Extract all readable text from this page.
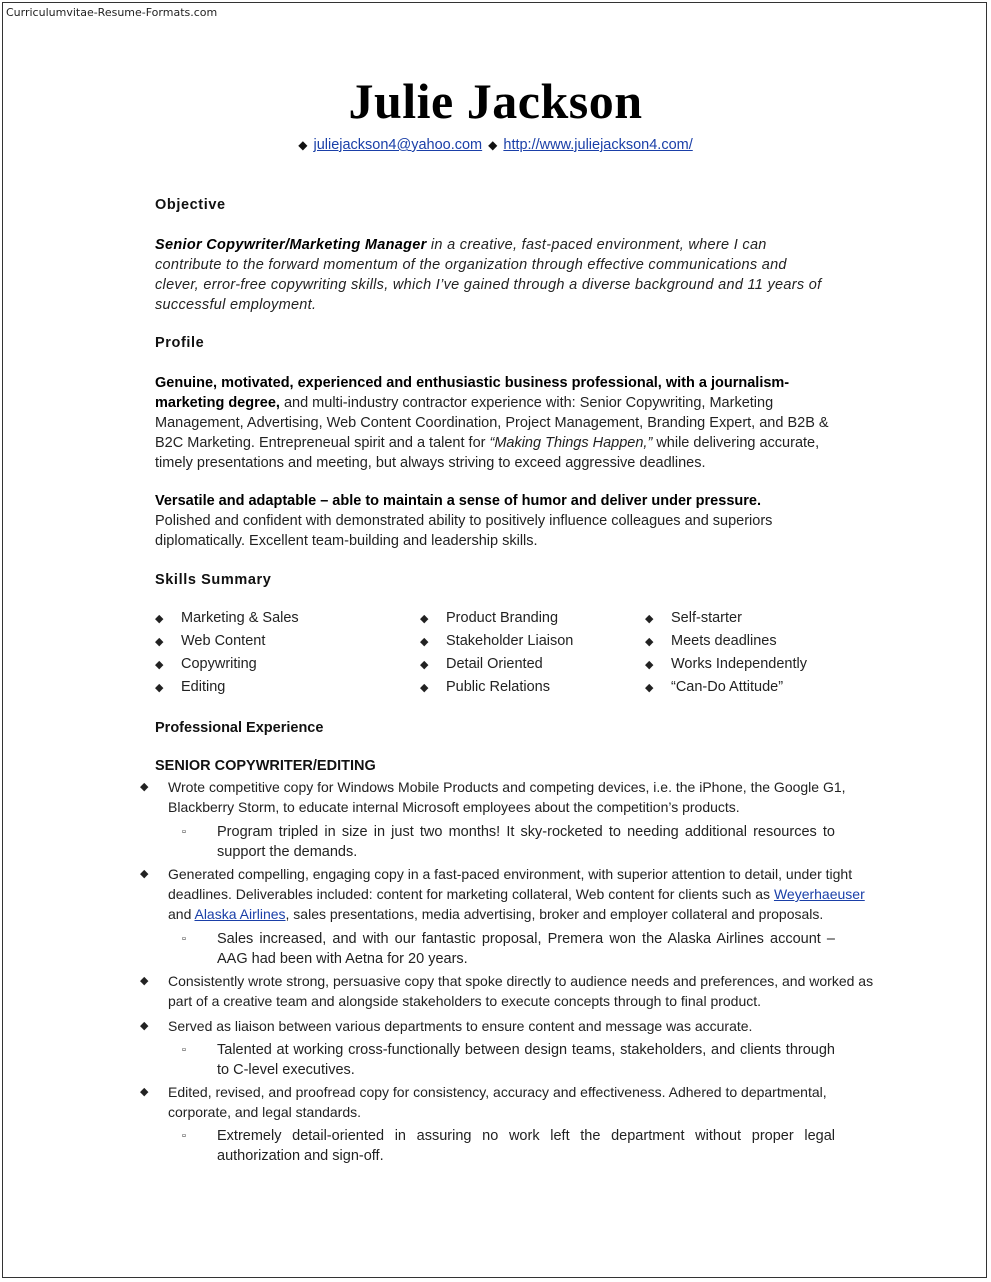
Curriculumvitae-Resume-Formats.com
Julie Jackson
◆ juliejackson4@yahoo.com ◆ http://www.juliejackson4.com/
Objective
Senior Copywriter/Marketing Manager in a creative, fast-paced environment, where I can contribute to the forward momentum of the organization through effective communications and clever, error-free copywriting skills, which I’ve gained through a diverse background and 11 years of successful employment.
Profile
Genuine, motivated, experienced and enthusiastic business professional, with a journalism-marketing degree, and multi-industry contractor experience with: Senior Copywriting, Marketing Management, Advertising, Web Content Coordination, Project Management, Branding Expert, and B2B & B2C Marketing. Entrepreneual spirit and a talent for “Making Things Happen,” while delivering accurate, timely presentations and meeting, but always striving to exceed aggressive deadlines.
Versatile and adaptable – able to maintain a sense of humor and deliver under pressure. Polished and confident with demonstrated ability to positively influence colleagues and superiors diplomatically. Excellent team-building and leadership skills.
Skills Summary
◆ Marketing & Sales
◆ Web Content
◆ Copywriting
◆ Editing
◆ Product Branding
◆ Stakeholder Liaison
◆ Detail Oriented
◆ Public Relations
◆ Self-starter
◆ Meets deadlines
◆ Works Independently
◆ “Can-Do Attitude”
Professional Experience
SENIOR COPYWRITER/EDITING
◆ Wrote competitive copy for Windows Mobile Products and competing devices, i.e. the iPhone, the Google G1, Blackberry Storm, to educate internal Microsoft employees about the competition’s products.
▫ Program tripled in size in just two months! It sky-rocketed to needing additional resources to support the demands.
◆ Generated compelling, engaging copy in a fast-paced environment, with superior attention to detail, under tight deadlines. Deliverables included: content for marketing collateral, Web content for clients such as Weyerhaeuser and Alaska Airlines, sales presentations, media advertising, broker and employer collateral and proposals.
▫ Sales increased, and with our fantastic proposal, Premera won the Alaska Airlines account – AAG had been with Aetna for 20 years.
◆ Consistently wrote strong, persuasive copy that spoke directly to audience needs and preferences, and worked as part of a creative team and alongside stakeholders to execute concepts through to final product.
◆ Served as liaison between various departments to ensure content and message was accurate.
▫ Talented at working cross-functionally between design teams, stakeholders, and clients through to C-level executives.
◆ Edited, revised, and proofread copy for consistency, accuracy and effectiveness. Adhered to departmental, corporate, and legal standards.
▫ Extremely detail-oriented in assuring no work left the department without proper legal authorization and sign-off.
